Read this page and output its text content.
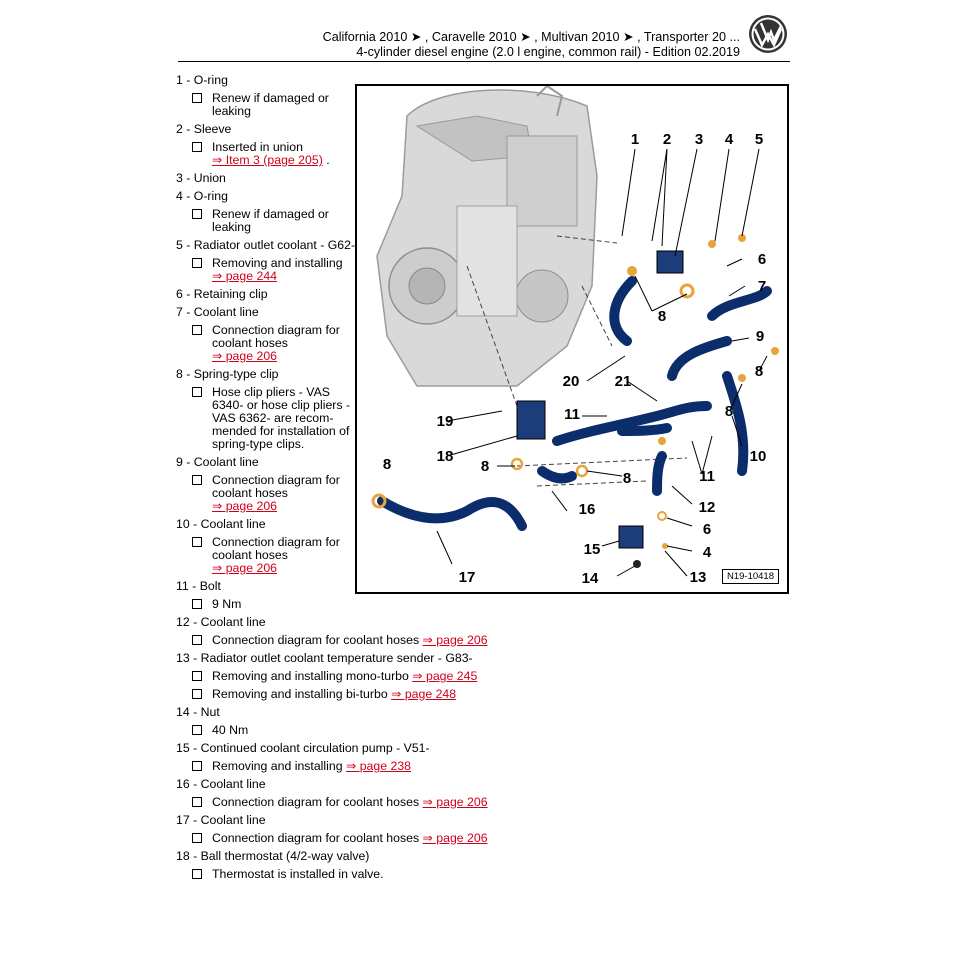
California 2010 ➤ , Caravelle 2010 ➤ , Multivan 2010 ➤ , Transporter 20 ...
4-cylinder diesel engine (2.0 l engine, common rail) - Edition 02.2019
1 - O-ring
Renew if damaged or leaking
2 - Sleeve
Inserted in union
⇒ Item 3 (page 205) .
3 - Union
4 - O-ring
Renew if damaged or leaking
5 - Radiator outlet coolant - G62-
Removing and installing
⇒ page 244
6 - Retaining clip
7 - Coolant line
Connection diagram for coolant hoses
⇒ page 206
8 - Spring-type clip
Hose clip pliers - VAS 6340- or hose clip pliers - VAS 6362- are recom-mended for installation of spring-type clips.
9 - Coolant line
Connection diagram for coolant hoses
⇒ page 206
10 - Coolant line
Connection diagram for coolant hoses
⇒ page 206
11 - Bolt
9 Nm
12 - Coolant line
Connection diagram for coolant hoses ⇒ page 206
13 - Radiator outlet coolant temperature sender - G83-
Removing and installing mono-turbo ⇒ page 245
Removing and installing bi-turbo ⇒ page 248
14 - Nut
40 Nm
15 - Continued coolant circulation pump - V51-
Removing and installing ⇒ page 238
16 - Coolant line
Connection diagram for coolant hoses ⇒ page 206
17 - Coolant line
Connection diagram for coolant hoses ⇒ page 206
18 - Ball thermostat (4/2-way valve)
Thermostat is installed in valve.
1 2 3 4 5
6
7
8
9
20 21
8
8
19	11
18
8
8
10
11
12
16
6
15	4
17	14	13
8
N19-10418
